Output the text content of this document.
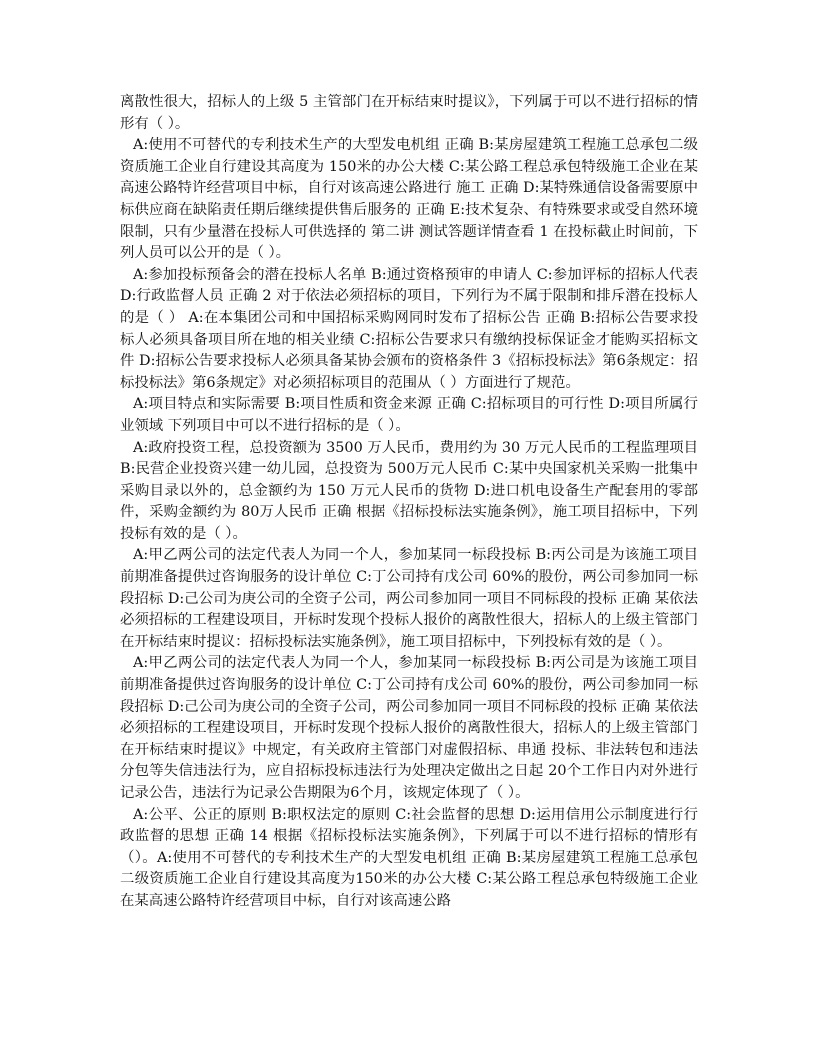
离散性很大，招标人的上级 5 主管部门在开标结束时提议》，下列属于可以不进行招标的情形有（ ）。

A:使用不可替代的专利技术生产的大型发电机组 正确 B:某房屋建筑工程施工总承包二级资质施工企业自行建设其高度为 150米的办公大楼 C:某公路工程总承包特级施工企业在某高速公路特许经营项目中标，自行对该高速公路进行 施工 正确 D:某特殊通信设备需要原中标供应商在缺陷责任期后继续提供售后服务的 正确 E:技术复杂、有特殊要求或受自然环境限制，只有少量潜在投标人可供选择的 第二讲 测试答题详情查看 1 在投标截止时间前，下列人员可以公开的是（ ）。

A:参加投标预备会的潜在投标人名单 B:通过资格预审的申请人 C:参加评标的招标人代表 D:行政监督人员 正确 2 对于依法必须招标的项目，下列行为不属于限制和排斥潜在投标人的是（ ） A:在本集团公司和中国招标采购网同时发布了招标公告 正确 B:招标公告要求投标人必须具备项目所在地的相关业绩 C:招标公告要求只有缴纳投标保证金才能购买招标文件 D:招标公告要求投标人必须具备某协会颁布的资格条件 3《招标投标法》第6条规定：招标投标法》第6条规定》对必须招标项目的范围从（ ）方面进行了规范。

A:项目特点和实际需要 B:项目性质和资金来源 正确 C:招标项目的可行性 D:项目所属行业领域 下列项目中可以不进行招标的是（ ）。

A:政府投资工程，总投资额为 3500 万人民币，费用约为 30 万元人民币的工程监理项目 B:民营企业投资兴建一幼儿园，总投资为 500万元人民币 C:某中央国家机关采购一批集中采购目录以外的，总金额约为 150 万元人民币的货物 D:进口机电设备生产配套用的零部件，采购金额约为 80万人民币 正确 根据《招标投标法实施条例》，施工项目招标中，下列投标有效的是（ ）。

A:甲乙两公司的法定代表人为同一个人，参加某同一标段投标 B:丙公司是为该施工项目前期准备提供过咨询服务的设计单位 C:丁公司持有戊公司 60%的股份，两公司参加同一标段招标 D:己公司为庚公司的全资子公司，两公司参加同一项目不同标段的投标 正确 某依法必须招标的工程建设项目，开标时发现个投标人报价的离散性很大，招标人的上级主管部门在开标结束时提议：招标投标法实施条例》，施工项目招标中，下列投标有效的是（ ）。

A:甲乙两公司的法定代表人为同一个人，参加某同一标段投标 B:丙公司是为该施工项目前期准备提供过咨询服务的设计单位 C:丁公司持有戊公司 60%的股份，两公司参加同一标段招标 D:己公司为庚公司的全资子公司，两公司参加同一项目不同标段的投标 正确 某依法必须招标的工程建设项目，开标时发现个投标人报价的离散性很大，招标人的上级主管部门在开标结束时提议》中规定，有关政府主管部门对虚假招标、串通 投标、非法转包和违法分包等失信违法行为，应自招标投标违法行为处理决定做出之日起 20个工作日内对外进行记录公告，违法行为记录公告期限为6个月，该规定体现了（ ）。

A:公平、公正的原则 B:职权法定的原则 C:社会监督的思想 D:运用信用公示制度进行行政监督的思想 正确 14 根据《招标投标法实施条例》，下列属于可以不进行招标的情形有（）。A:使用不可替代的专利技术生产的大型发电机组 正确 B:某房屋建筑工程施工总承包二级资质施工企业自行建设其高度为150米的办公大楼 C:某公路工程总承包特级施工企业在某高速公路特许经营项目中标，自行对该高速公路
